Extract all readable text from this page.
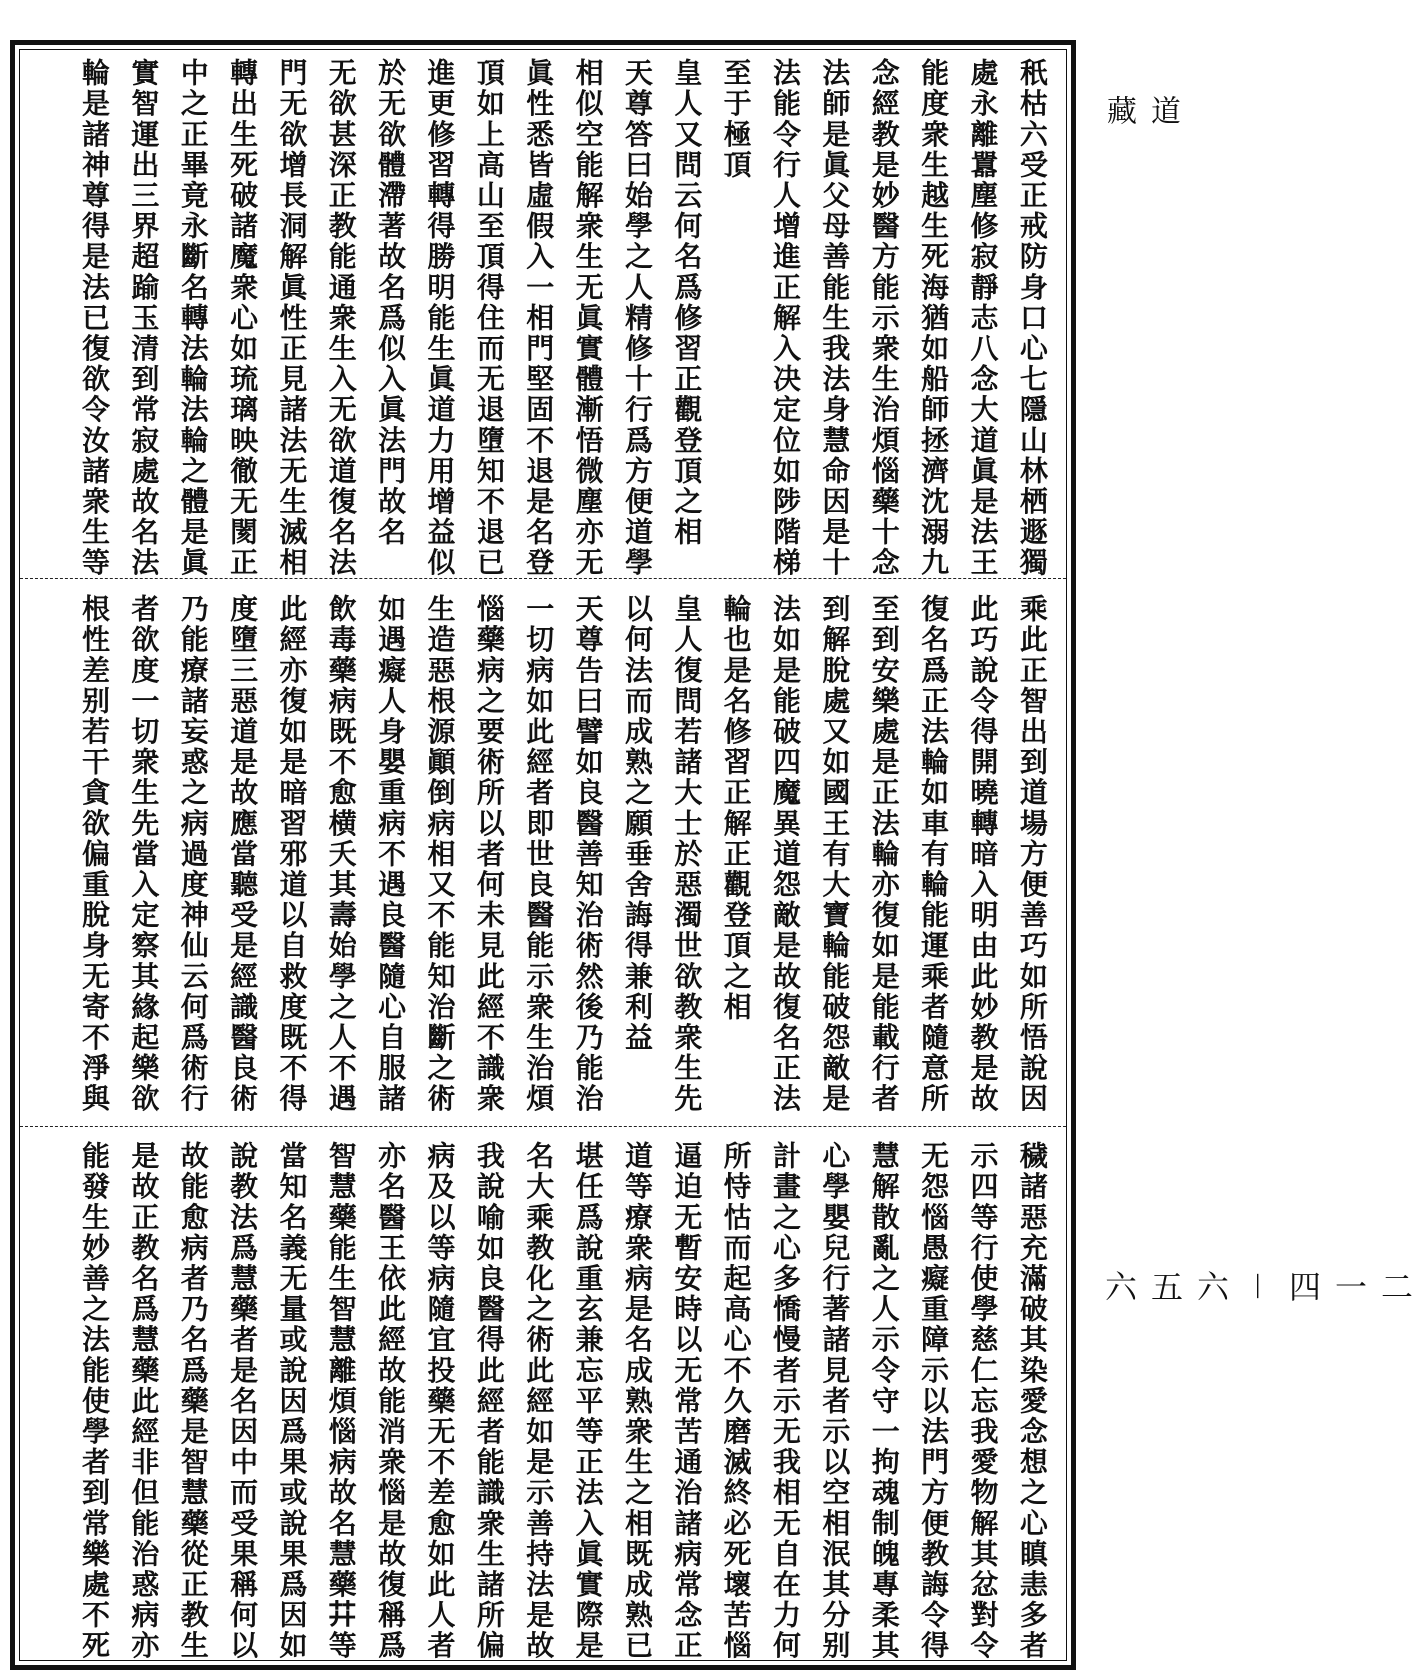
秖枯六受正戒防身口心七隱山林栖遯獨
處永離囂塵修寂靜志八念大道眞是法王
能度衆生越生死海猶如船師拯濟沈溺九
念經教是妙醫方能示衆生治煩惱藥十念
法師是眞父母善能生我法身慧命因是十
法能令行人增進正解入决定位如陟階梯
至于極頂
皇人又問云何名爲修習正觀登頂之相
天尊答曰始學之人精修十行爲方便道學
相似空能解衆生无眞實體漸悟微塵亦无
眞性悉皆虛假入一相門堅固不退是名登
頂如上高山至頂得住而无退墮知不退已
進更修習轉得勝明能生眞道力用增益似
於无欲體滯著故名爲似入眞法門故名
无欲甚深正教能通衆生入无欲道復名法
門无欲增長洞解眞性正見諸法无生滅相
轉出生死破諸魔衆心如琉璃映徹无閡正
中之正畢竟永斷名轉法輪法輪之體是眞
實智運出三界超踰玉清到常寂處故名法
輪是諸神尊得是法已復欲令汝諸衆生等
乘此正智出到道場方便善巧如所悟說因
此巧說令得開曉轉暗入明由此妙教是故
復名爲正法輪如車有輪能運乘者隨意所
至到安樂處是正法輪亦復如是能載行者
到解脫處又如國王有大寶輪能破怨敵是
法如是能破四魔異道怨敵是故復名正法
輪也是名修習正解正觀登頂之相
皇人復問若諸大士於惡濁世欲教衆生先
以何法而成熟之願垂舍誨得兼利益
天尊告曰譬如良醫善知治術然後乃能治
一切病如此經者即世良醫能示衆生治煩
惱藥病之要術所以者何未見此經不識衆
生造惡根源顚倒病相又不能知治斷之術
如遇癡人身嬰重病不遇良醫隨心自服諸
飲毒藥病既不愈横夭其壽始學之人不遇
此經亦復如是暗習邪道以自救度既不得
度墮三惡道是故應當聽受是經識醫良術
乃能療諸妄惑之病過度神仙云何爲術行
者欲度一切衆生先當入定察其緣起樂欲
根性差别若干貪欲偏重脫身无寄不淨與
穢諸惡充滿破其染愛念想之心瞋恚多者
示四等行使學慈仁忘我愛物解其忿對令
无怨惱愚癡重障示以法門方便教誨令得
慧解散亂之人示令守一拘魂制魄專柔其
心學嬰兒行著諸見者示以空相泯其分别
計畫之心多憍慢者示无我相无自在力何
所恃怙而起高心不久磨滅終必死壞苦惱
逼迫无暫安時以无常苦通治諸病常念正
道等療衆病是名成熟衆生之相既成熟已
堪任爲說重玄兼忘平等正法入眞實際是
名大乘教化之術此經如是示善持法是故
我說喻如良醫得此經者能識衆生諸所偏
病及以等病隨宜投藥无不差愈如此人者
亦名醫王依此經故能消衆惱是故復稱爲
智慧藥能生智慧離煩惱病故名慧藥𦬇等
當知名義无量或說因爲果或說果爲因如
說教法爲慧藥者是名因中而受果稱何以
故能愈病者乃名爲藥是智慧藥從正教生
是故正教名爲慧藥此經非但能治惑病亦
能發生妙善之法能使學者到常樂處不死
道藏
二一四－六五六
